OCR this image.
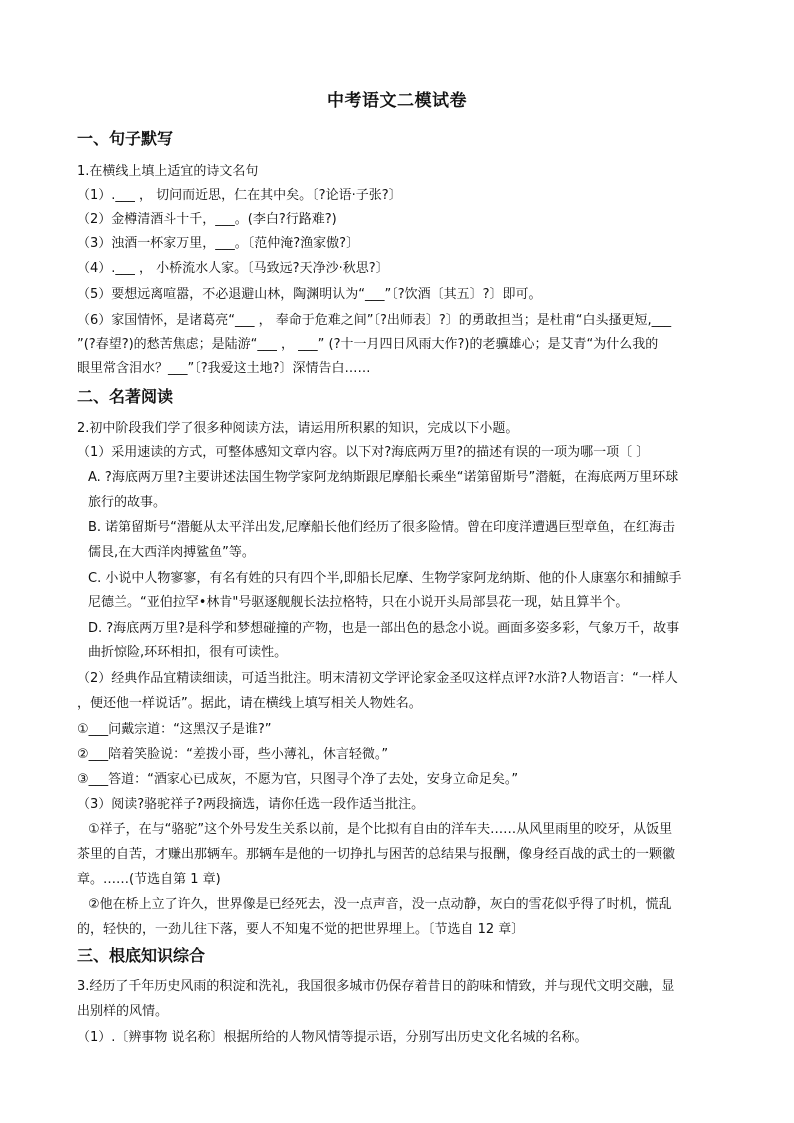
中考语文二模试卷
一、句子默写
1.在横线上填上适宜的诗文名句
（1）.___ ， 切问而近思，仁在其中矣。〔?论语·子张?〕
（2）金樽清酒斗十千，___。(李白?行路难?)
（3）浊酒一杯家万里，___。〔范仲淹?渔家傲?〕
（4）.___ ， 小桥流水人家。〔马致远?天净沙·秋思?〕
（5）要想远离喧嚣，不必退避山林，陶渊明认为“___”〔?饮酒〔其五〕?〕即可。
（6）家国情怀，是诸葛亮“___ ， 奉命于危难之间”〔?出师表〕?〕的勇敢担当；是杜甫“白头搔更短,___
”(?春望?)的愁苦焦虑；是陆游“___ ， ___” (?十一月四日风雨大作?)的老骥雄心；是艾青“为什么我的
眼里常含泪水？___”〔?我爱这土地?〕深情告白……
二、名著阅读
2.初中阶段我们学了很多种阅读方法，请运用所积累的知识，完成以下小题。
（1）采用速读的方式，可整体感知文章内容。以下对?海底两万里?的描述有误的一项为哪一项〔 〕
A. ?海底两万里?主要讲述法国生物学家阿龙纳斯跟尼摩船长乘坐“诺第留斯号”潜艇，在海底两万里环球
旅行的故事。
B. 诺第留斯号“潜艇从太平洋出发,尼摩船长他们经历了很多险情。曾在印度洋遭遇巨型章鱼，在红海击
儒艮,在大西洋肉搏鲨鱼”等。
C. 小说中人物寥寥，有名有姓的只有四个半,即船长尼摩、生物学家阿龙纳斯、他的仆人康塞尔和捕鲸手
尼德兰。“亚伯拉罕•林肯"号驱逐舰舰长法拉格特，只在小说开头局部昙花一现，姑且算半个。
D. ?海底两万里?是科学和梦想碰撞的产物，也是一部出色的悬念小说。画面多姿多彩，气象万千，故事
曲折惊险,环环相扣，很有可读性。
（2）经典作品宜精读细读，可适当批注。明末清初文学评论家金圣叹这样点评?水浒?人物语言：“一样人
，便还他一样说话”。据此，请在横线上填写相关人物姓名。
①___问戴宗道：“这黑汉子是谁?”
②___陪着笑脸说：“差拨小哥，些小薄礼，休言轻微。”
③___答道：“酒家心已成灰，不愿为官，只图寻个净了去处，安身立命足矣。”
（3）阅读?骆驼祥子?两段摘选，请你任选一段作适当批注。
①祥子，在与“骆驼”这个外号发生关系以前，是个比拟有自由的洋车夫……从风里雨里的咬牙，从饭里
茶里的自苦，才赚出那辆车。那辆车是他的一切挣扎与困苦的总结果与报酬，像身经百战的武士的一颗徽
章。……(节选自第 1 章)
②他在桥上立了许久，世界像是已经死去，没一点声音，没一点动静，灰白的雪花似乎得了时机，慌乱
的，轻快的，一劲儿往下落，要人不知鬼不觉的把世界埋上。〔节选自 12 章〕
三、根底知识综合
3.经历了千年历史风雨的积淀和洗礼，我国很多城市仍保存着昔日的韵味和情致，并与现代文明交融，显
出别样的风情。
（1）.〔辨事物 说名称〕根据所给的人物风情等提示语，分别写出历史文化名城的名称。
